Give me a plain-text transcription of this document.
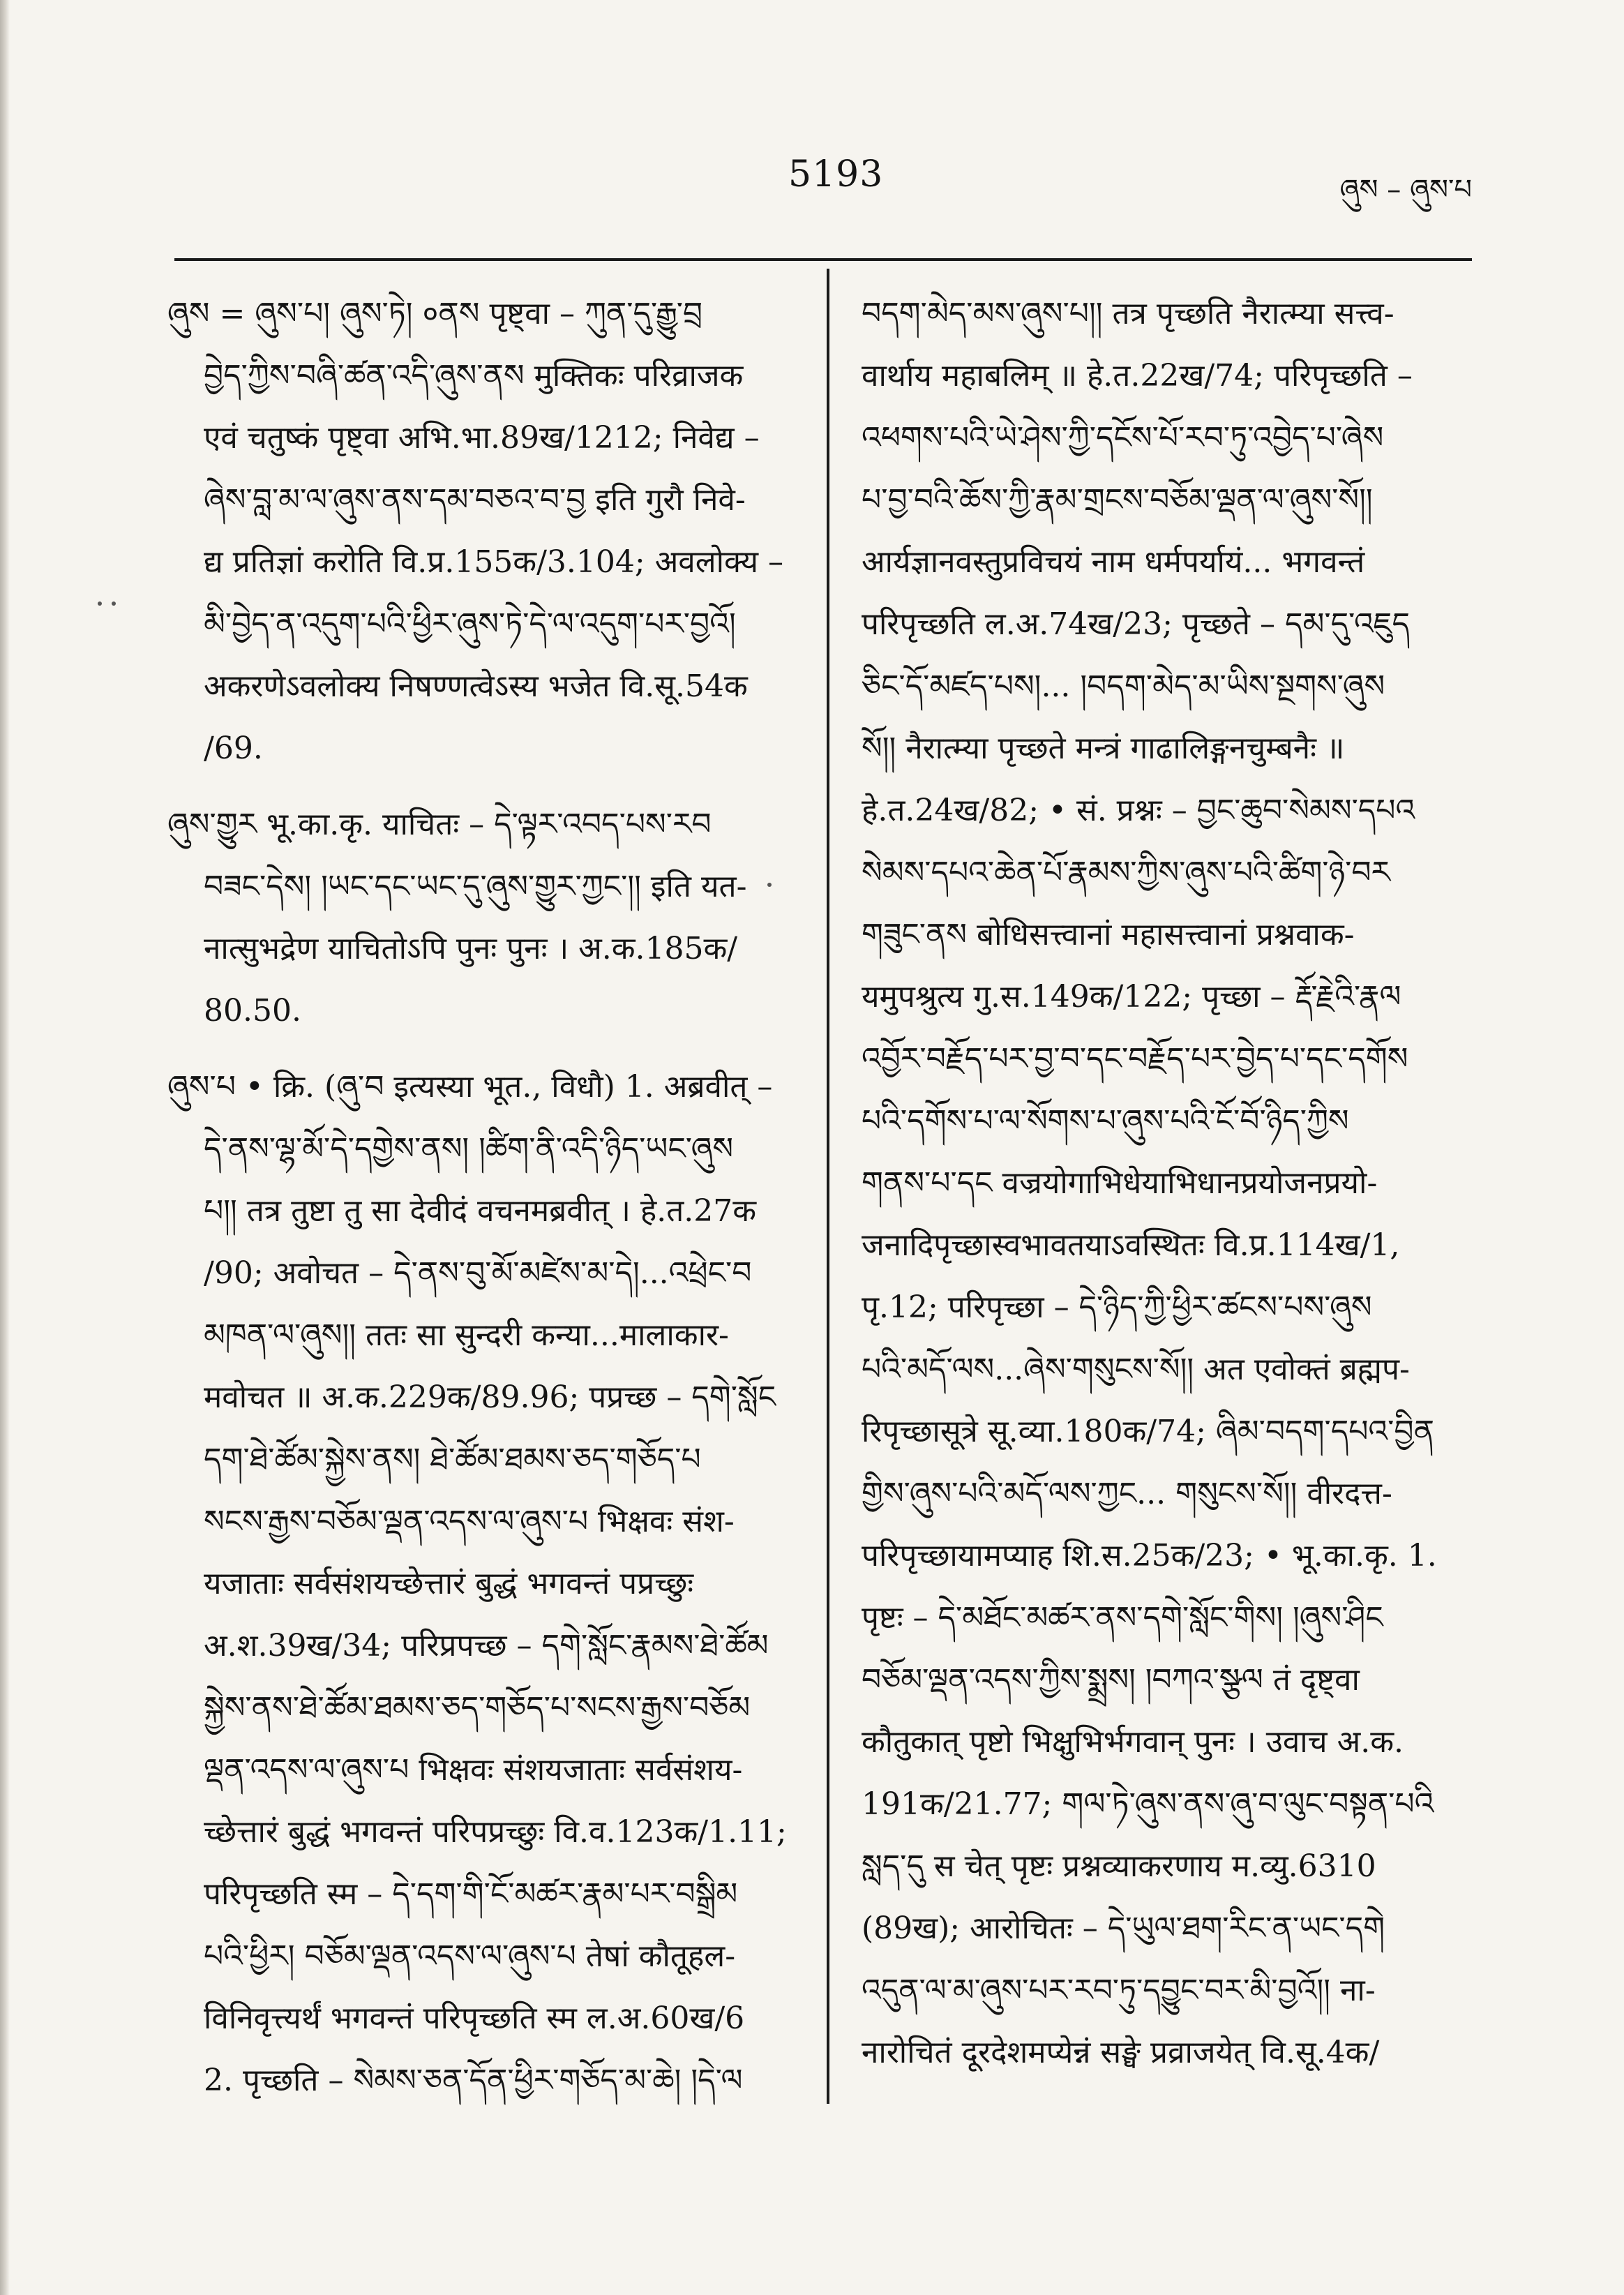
5193	ཞུས – ཞུས་པ
ཞུས = ཞུས་པ། ཞུས་ཏེ། ०ནས पृष्ट्वा – ཀུན་དུ་རྒྱུ་བྲ
བྱེད་ཀྱིས་བཞི་ཚན་འདི་ཞུས་ནས मुक्तिकः परिव्राजक
एवं चतुष्कं पृष्ट्वा अभि.भा.89ख/1212; निवेद्य –
ཞེས་བླ་མ་ལ་ཞུས་ནས་དམ་བཅའ་བ་བྱ इति गुरौ निवे-
द्य प्रतिज्ञां करोति वि.प्र.155क/3.104; अवलोक्य –
མི་བྱེད་ན་འདུག་པའི་ཕྱིར་ཞུས་ཏེ་དེ་ལ་འདུག་པར་བྱའོ།
अकरणेऽवलोक्य निषण्णत्वेऽस्य भजेत वि.सू.54क
/69.
ཞུས་གྱུར भू.का.कृ. याचितः – དེ་ལྟར་འབད་པས་རབ
བཟང་དེས། །ཡང་དང་ཡང་དུ་ཞུས་གྱུར་ཀྱང་།། इति यत-
नात्सुभद्रेण याचितोऽपि पुनः पुनः । अ.क.185क/
80.50.
ཞུས་པ • क्रि. (ཞུ་བ इत्यस्या भूत., विधौ) 1. अब्रवीत् –
དེ་ནས་ལྷ་མོ་དེ་དགྱེས་ནས། །ཚིག་ནི་འདི་ཉིད་ཡང་ཞུས
པ།། तत्र तुष्टा तु सा देवीदं वचनमब्रवीत् । हे.त.27क
/90; अवोचत – དེ་ནས་བུ་མོ་མཛེས་མ་དེ།...འཕྲེང་བ
མཁན་ལ་ཞུས།། ततः सा सुन्दरी कन्या...मालाकार-
मवोचत ॥ अ.क.229क/89.96; पप्रच्छ – དགེ་སློང
དག་ཐེ་ཚོམ་སྐྱེས་ནས། ཐེ་ཚོམ་ཐམས་ཅད་གཅོད་པ
སངས་རྒྱས་བཅོམ་ལྡན་འདས་ལ་ཞུས་པ भिक्षवः संश-
यजाताः सर्वसंशयच्छेत्तारं बुद्धं भगवन्तं पप्रच्छुः
अ.श.39ख/34; परिप्रपच्छ – དགེ་སློང་རྣམས་ཐེ་ཚོམ
སྐྱེས་ནས་ཐེ་ཚོམ་ཐམས་ཅད་གཅོད་པ་སངས་རྒྱས་བཅོམ
ལྡན་འདས་ལ་ཞུས་པ भिक्षवः संशयजाताः सर्वसंशय-
च्छेत्तारं बुद्धं भगवन्तं परिपप्रच्छुः वि.व.123क/1.11;
परिपृच्छति स्म – དེ་དག་གི་ངོ་མཚར་རྣམ་པར་བསྒྲིམ
པའི་ཕྱིར། བཅོམ་ལྡན་འདས་ལ་ཞུས་པ तेषां कौतूहल-
विनिवृत्त्यर्थं भगवन्तं परिपृच्छति स्म ल.अ.60ख/6
2. पृच्छति – སེམས་ཅན་དོན་ཕྱིར་གཅོད་མ་ཆེ། །དེ་ལ
བདག་མེད་མས་ཞུས་པ།། तत्र पृच्छति नैरात्म्या सत्त्व-
वार्थाय महाबलिम् ॥ हे.त.22ख/74; परिपृच्छति –
འཕགས་པའི་ཡེ་ཤེས་ཀྱི་དངོས་པོ་རབ་ཏུ་འབྱེད་པ་ཞེས
པ་བྱ་བའི་ཆོས་ཀྱི་རྣམ་གྲངས་བཅོམ་ལྡན་ལ་ཞུས་སོ།།
आर्यज्ञानवस्तुप्रविचयं नाम धर्मपर्यायं... भगवन्तं
परिपृच्छति ल.अ.74ख/23; पृच्छते – དམ་དུ་འཇུད
ཅིང་དོ་མཛད་པས།... །བདག་མེད་མ་ཡིས་སྔགས་ཞུས
སོ།། नैरात्म्या पृच्छते मन्त्रं गाढालिङ्गनचुम्बनैः ॥
हे.त.24ख/82; • सं. प्रश्नः – བྱང་ཆུབ་སེམས་དཔའ
སེམས་དཔའ་ཆེན་པོ་རྣམས་ཀྱིས་ཞུས་པའི་ཚིག་ཉེ་བར
གཟུང་ནས बोधिसत्त्वानां महासत्त्वानां प्रश्नवाक-
यमुपश्रुत्य गु.स.149क/122; पृच्छा – རྡོ་རྗེའི་རྣལ
འབྱོར་བརྗོད་པར་བྱ་བ་དང་བརྗོད་པར་བྱེད་པ་དང་དགོས
པའི་དགོས་པ་ལ་སོགས་པ་ཞུས་པའི་ངོ་བོ་ཉིད་ཀྱིས
གནས་པ་དང वज्रयोगाभिधेयाभिधानप्रयोजनप्रयो-
जनादिपृच्छास्वभावतयाऽवस्थितः वि.प्र.114ख/1,
पृ.12; परिपृच्छा – དེ་ཉིད་ཀྱི་ཕྱིར་ཚངས་པས་ཞུས
པའི་མདོ་ལས...ཞེས་གསུངས་སོ།། अत एवोक्तं ब्रह्मप-
रिपृच्छासूत्रे सू.व्या.180क/74; ཞིམ་བདག་དཔའ་བྱིན
གྱིས་ཞུས་པའི་མདོ་ལས་ཀྱང... གསུངས་སོ།། वीरदत्त-
परिपृच्छायामप्याह शि.स.25क/23; • भू.का.कृ. 1.
पृष्टः – དེ་མཐོང་མཚར་ནས་དགེ་སློང་གིས། །ཞུས་ཤིང
བཅོམ་ལྡན་འདས་ཀྱིས་སྨྲས། །བཀའ་སྩལ तं दृष्ट्वा
कौतुकात् पृष्टो भिक्षुभिर्भगवान् पुनः । उवाच अ.क.
191क/21.77; གལ་ཏེ་ཞུས་ནས་ཞུ་བ་ལུང་བསྟན་པའི
སླད་དུ स चेत् पृष्टः प्रश्नव्याकरणाय म.व्यु.6310
(89ख); आरोचितः – དེ་ཡུལ་ཐག་རིང་ན་ཡང་དགེ
འདུན་ལ་མ་ཞུས་པར་རབ་ཏུ་དབྱུང་བར་མི་བྱའོ།། ना-
नारोचितं दूरदेशमप्येन्नं सङ्घे प्रव्राजयेत् वि.सू.4क/
